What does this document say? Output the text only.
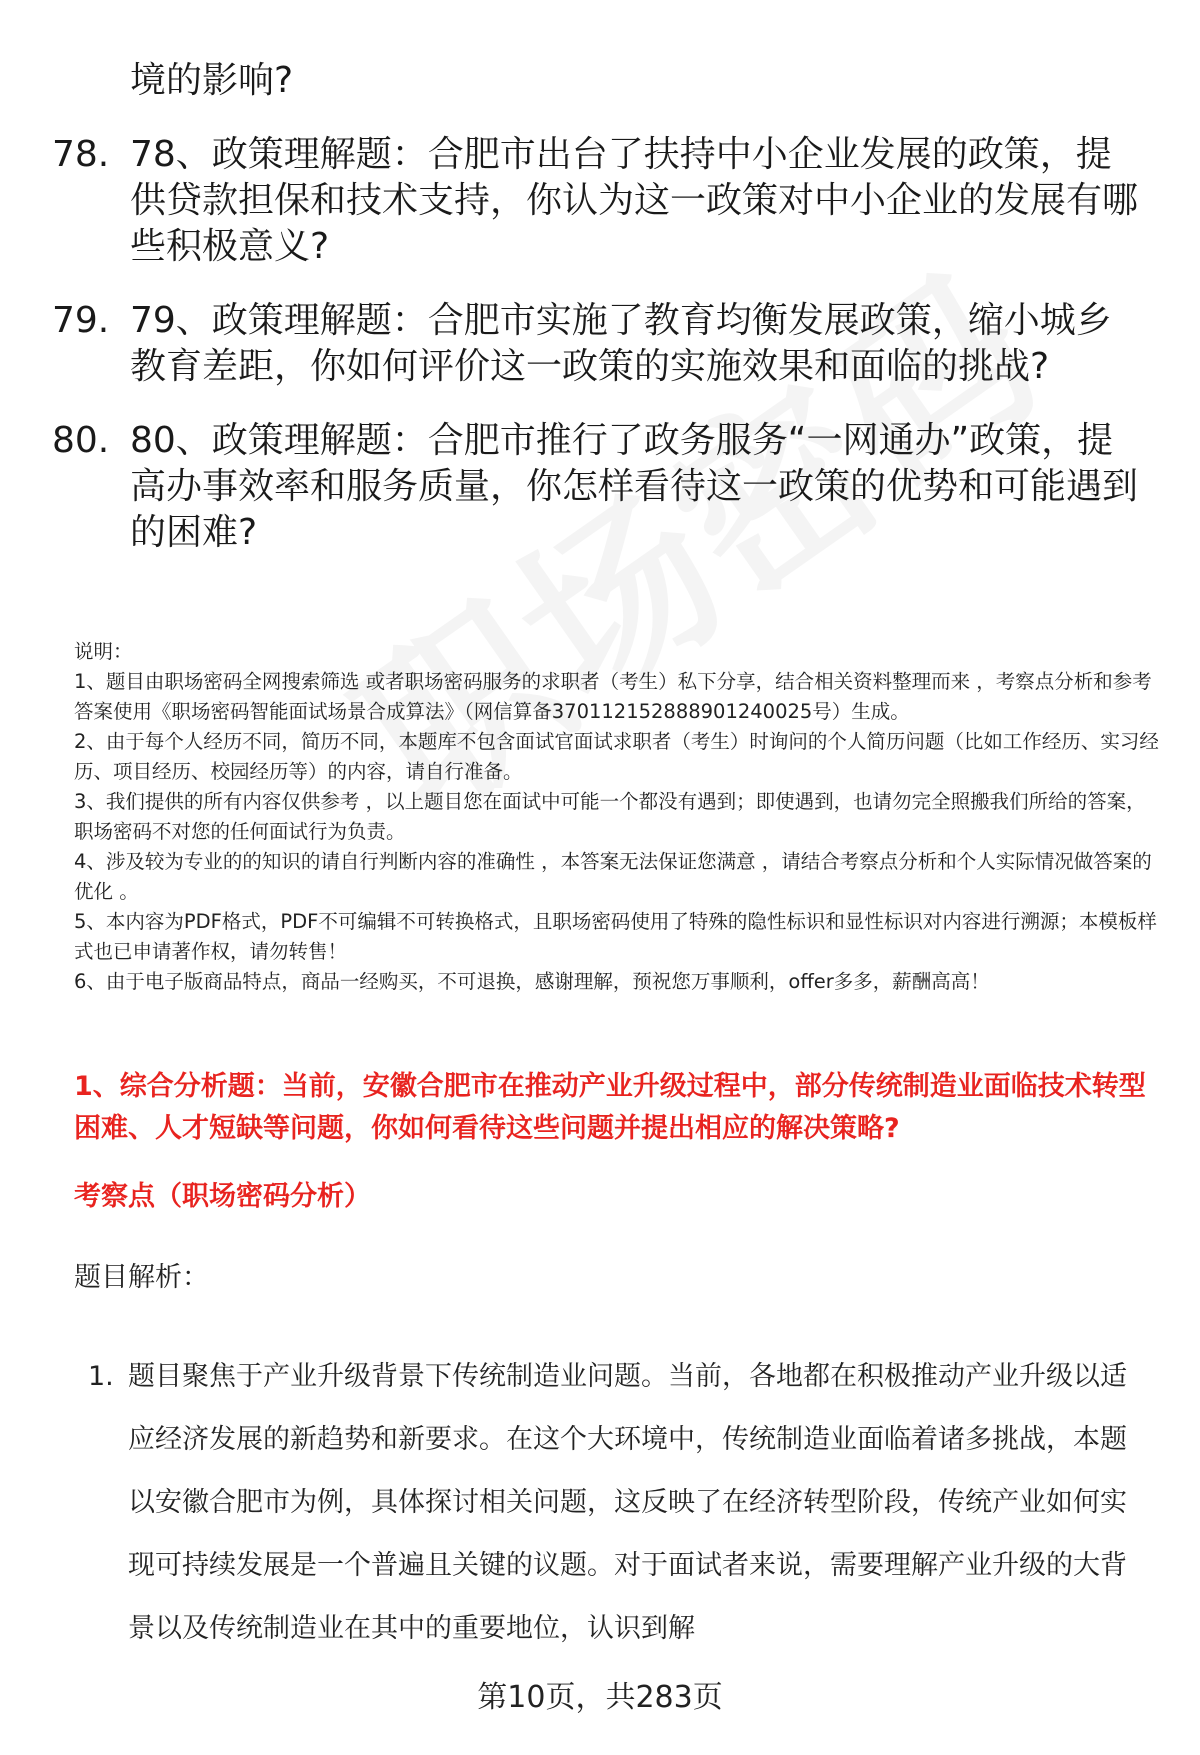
境的影响?
78. 78、政策理解题：合肥市出台了扶持中小企业发展的政策，提供贷款担保和技术支持，你认为这一政策对中小企业的发展有哪些积极意义?
79. 79、政策理解题：合肥市实施了教育均衡发展政策，缩小城乡教育差距，你如何评价这一政策的实施效果和面临的挑战?
80. 80、政策理解题：合肥市推行了政务服务“一网通办”政策，提高办事效率和服务质量，你怎样看待这一政策的优势和可能遇到的困难?

说明：

1、题目由职场密码全网搜索筛选 或者职场密码服务的求职者（考生）私下分享，结合相关资料整理而来 ，考察点分析和参考答案使用《职场密码智能面试场景合成算法》（网信算备370112152888901240025号）生成。

2、由于每个人经历不同，简历不同，本题库不包含面试官面试求职者（考生）时询问的个人简历问题（比如工作经历、实习经历、项目经历、校园经历等）的内容，请自行准备。

3、我们提供的所有内容仅供参考 ，以上题目您在面试中可能一个都没有遇到；即使遇到，也请勿完全照搬我们所给的答案，职场密码不对您的任何面试行为负责。

4、涉及较为专业的的知识的请自行判断内容的准确性 ，本答案无法保证您满意 ，请结合考察点分析和个人实际情况做答案的优化 。

5、本内容为PDF格式，PDF不可编辑不可转换格式，且职场密码使用了特殊的隐性标识和显性标识对内容进行溯源；本模板样式也已申请著作权，请勿转售！

6、由于电子版商品特点，商品一经购买，不可退换，感谢理解，预祝您万事顺利，offer多多，薪酬高高！

1、综合分析题：当前，安徽合肥市在推动产业升级过程中，部分传统制造业面临技术转型困难、人才短缺等问题，你如何看待这些问题并提出相应的解决策略?
考察点（职场密码分析）
题目解析：
1. 题目聚焦于产业升级背景下传统制造业问题。当前，各地都在积极推动产业升级以适应经济发展的新趋势和新要求。在这个大环境中，传统制造业面临着诸多挑战，本题以安徽合肥市为例，具体探讨相关问题，这反映了在经济转型阶段，传统产业如何实现可持续发展是一个普遍且关键的议题。对于面试者来说，需要理解产业升级的大背景以及传统制造业在其中的重要地位，认识到解
第10页，共283页
